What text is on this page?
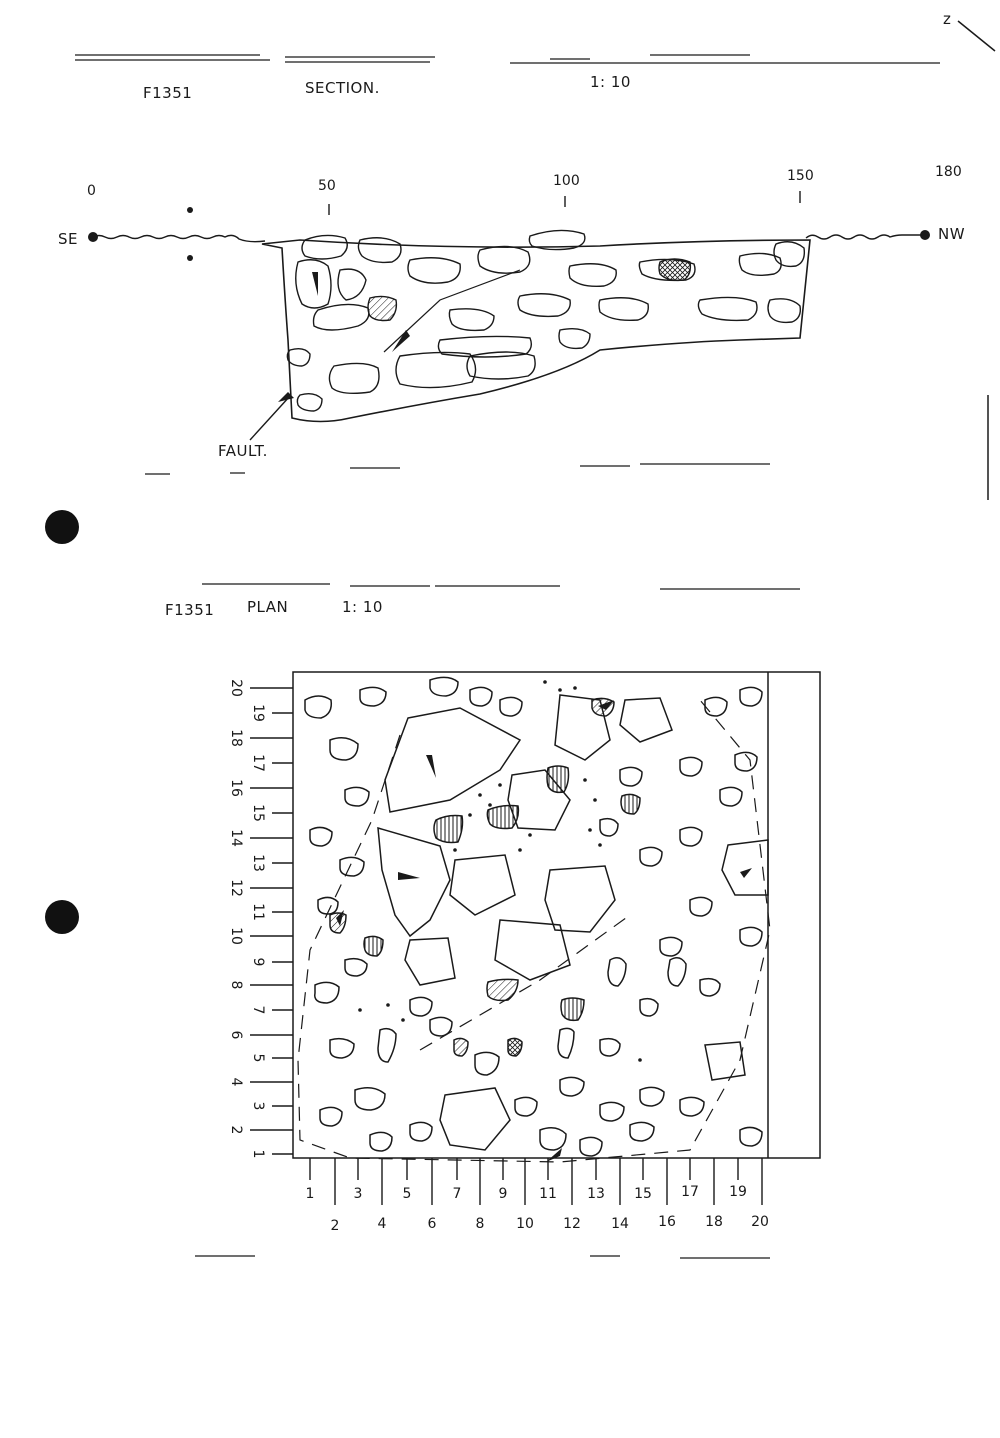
z
F1351	SECTION.	1: 10
0	50	100	150	180
SE	NW
FAULT.
F1351 PLAN	1: 10
20
19
18
17
16
15
14
13
12
11
10
9
8
7
6
5
4
3
2
1
1	3	5	7	9 11 13 15 17 19
2	4	6	8 10 12 14 16 18 20
